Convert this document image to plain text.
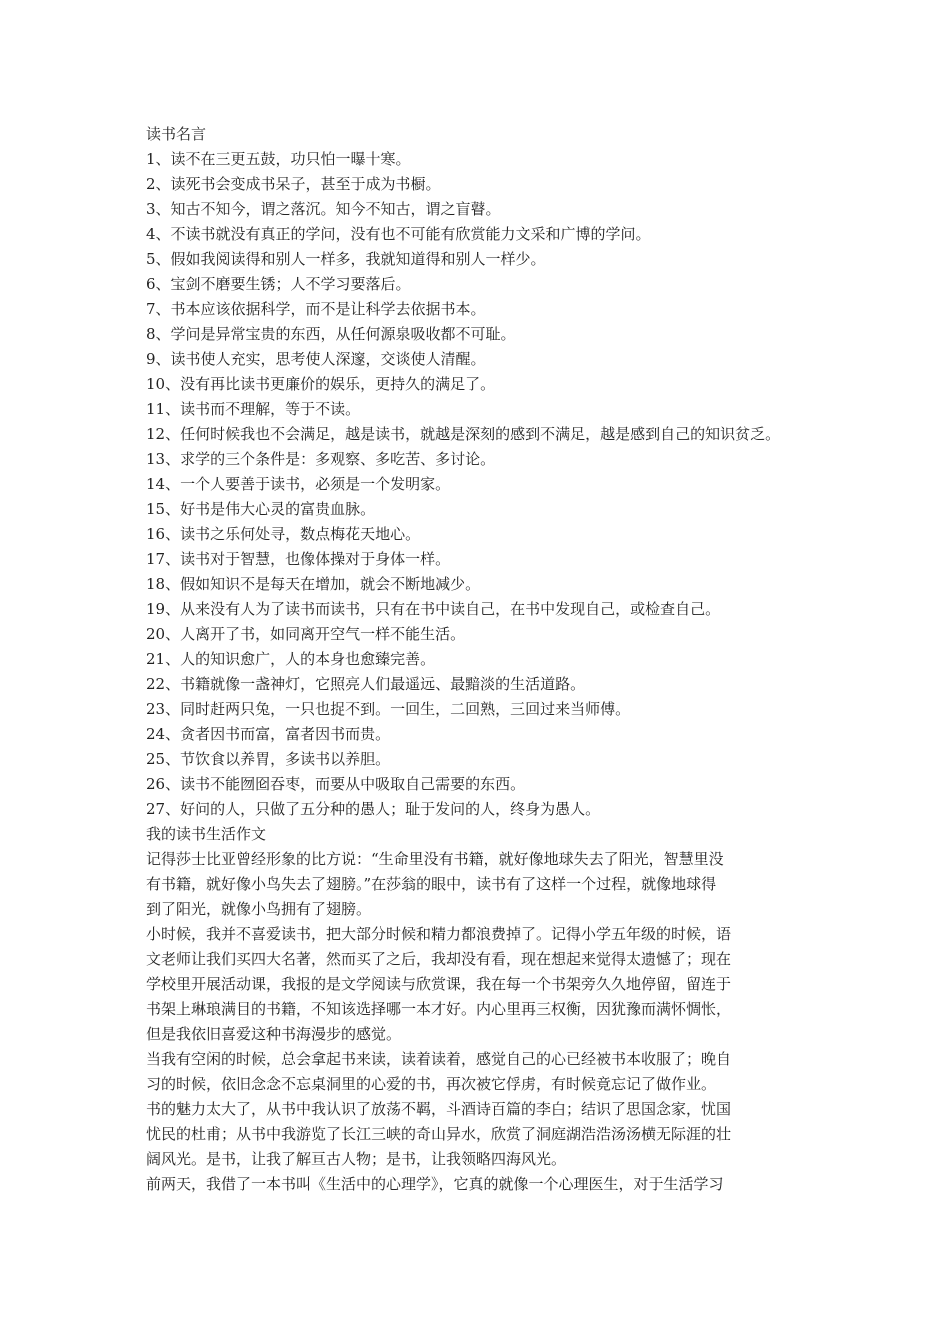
读书名言

1、读不在三更五鼓，功只怕一曝十寒。

2、读死书会变成书呆子，甚至于成为书橱。

3、知古不知今，谓之落沉。知今不知古，谓之盲瞽。

4、不读书就没有真正的学问，没有也不可能有欣赏能力文采和广博的学问。

5、假如我阅读得和别人一样多，我就知道得和别人一样少。

6、宝剑不磨要生锈；人不学习要落后。

7、书本应该依据科学，而不是让科学去依据书本。

8、学问是异常宝贵的东西，从任何源泉吸收都不可耻。

9、读书使人充实，思考使人深邃，交谈使人清醒。

10、没有再比读书更廉价的娱乐，更持久的满足了。

11、读书而不理解，等于不读。

12、任何时候我也不会满足，越是读书，就越是深刻的感到不满足，越是感到自己的知识贫乏。

13、求学的三个条件是：多观察、多吃苦、多讨论。

14、一个人要善于读书，必须是一个发明家。

15、好书是伟大心灵的富贵血脉。

16、读书之乐何处寻，数点梅花天地心。

17、读书对于智慧，也像体操对于身体一样。

18、假如知识不是每天在增加，就会不断地减少。

19、从来没有人为了读书而读书，只有在书中读自己，在书中发现自己，或检查自己。

20、人离开了书，如同离开空气一样不能生活。

21、人的知识愈广，人的本身也愈臻完善。

22、书籍就像一盏神灯，它照亮人们最遥远、最黯淡的生活道路。

23、同时赶两只兔，一只也捉不到。一回生，二回熟，三回过来当师傅。

24、贪者因书而富，富者因书而贵。

25、节饮食以养胃，多读书以养胆。

26、读书不能囫囵吞枣，而要从中吸取自己需要的东西。

27、好问的人，只做了五分种的愚人；耻于发问的人，终身为愚人。

我的读书生活作文

记得莎士比亚曾经形象的比方说：“生命里没有书籍，就好像地球失去了阳光，智慧里没

有书籍，就好像小鸟失去了翅膀。”在莎翁的眼中，读书有了这样一个过程，就像地球得

到了阳光，就像小鸟拥有了翅膀。

小时候，我并不喜爱读书，把大部分时候和精力都浪费掉了。记得小学五年级的时候，语

文老师让我们买四大名著，然而买了之后，我却没有看，现在想起来觉得太遗憾了；现在

学校里开展活动课，我报的是文学阅读与欣赏课，我在每一个书架旁久久地停留，留连于

书架上琳琅满目的书籍，不知该选择哪一本才好。内心里再三权衡，因犹豫而满怀惆怅，

但是我依旧喜爱这种书海漫步的感觉。

当我有空闲的时候，总会拿起书来读，读着读着，感觉自己的心已经被书本收服了；晚自

习的时候，依旧念念不忘桌洞里的心爱的书，再次被它俘虏，有时候竟忘记了做作业。

书的魅力太大了，从书中我认识了放荡不羁，斗酒诗百篇的李白；结识了思国念家，忧国

忧民的杜甫；从书中我游览了长江三峡的奇山异水，欣赏了洞庭湖浩浩汤汤横无际涯的壮

阔风光。是书，让我了解亘古人物；是书，让我领略四海风光。

前两天，我借了一本书叫《生活中的心理学》，它真的就像一个心理医生，对于生活学习
